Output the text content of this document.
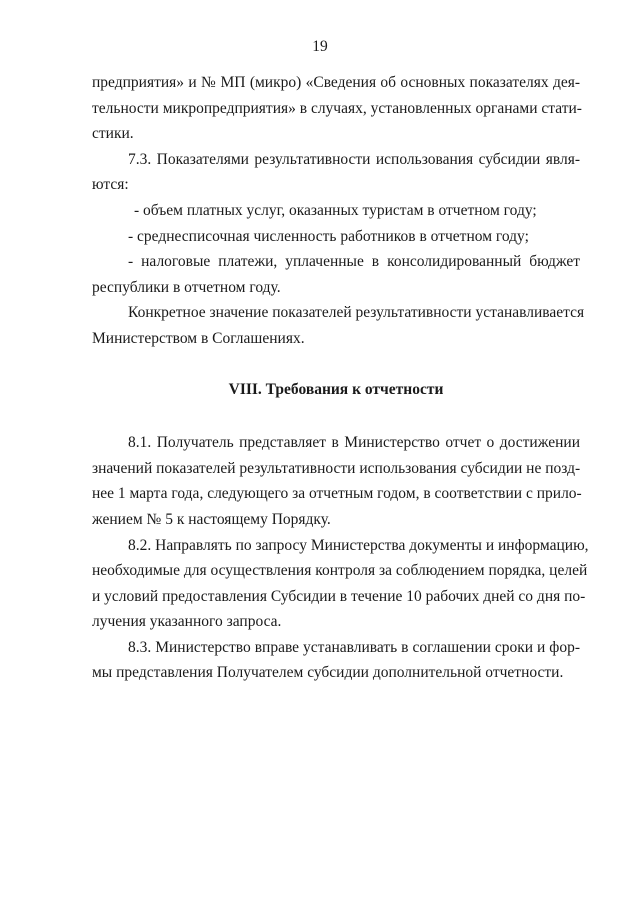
19
предприятия» и № МП (микро) «Сведения об основных показателях дея-
тельности микропредприятия» в случаях, установленных органами стати-
стики.
7.3. Показателями результативности использования субсидии явля-
ются:
- объем платных услуг, оказанных туристам в отчетном году;
- среднесписочная численность работников в отчетном году;
- налоговые платежи, уплаченные в консолидированный бюджет
республики в отчетном году.
Конкретное значение показателей результативности устанавливается
Министерством в Соглашениях.
VIII. Требования к отчетности
8.1. Получатель представляет в Министерство отчет о достижении
значений показателей результативности использования субсидии не позд-
нее 1 марта года, следующего за отчетным годом, в соответствии с прило-
жением № 5 к настоящему Порядку.
8.2. Направлять по запросу Министерства документы и информацию,
необходимые для осуществления контроля за соблюдением порядка, целей
и условий предоставления Субсидии в течение 10 рабочих дней со дня по-
лучения указанного запроса.
8.3. Министерство вправе устанавливать в соглашении сроки и фор-
мы представления Получателем субсидии дополнительной отчетности.
